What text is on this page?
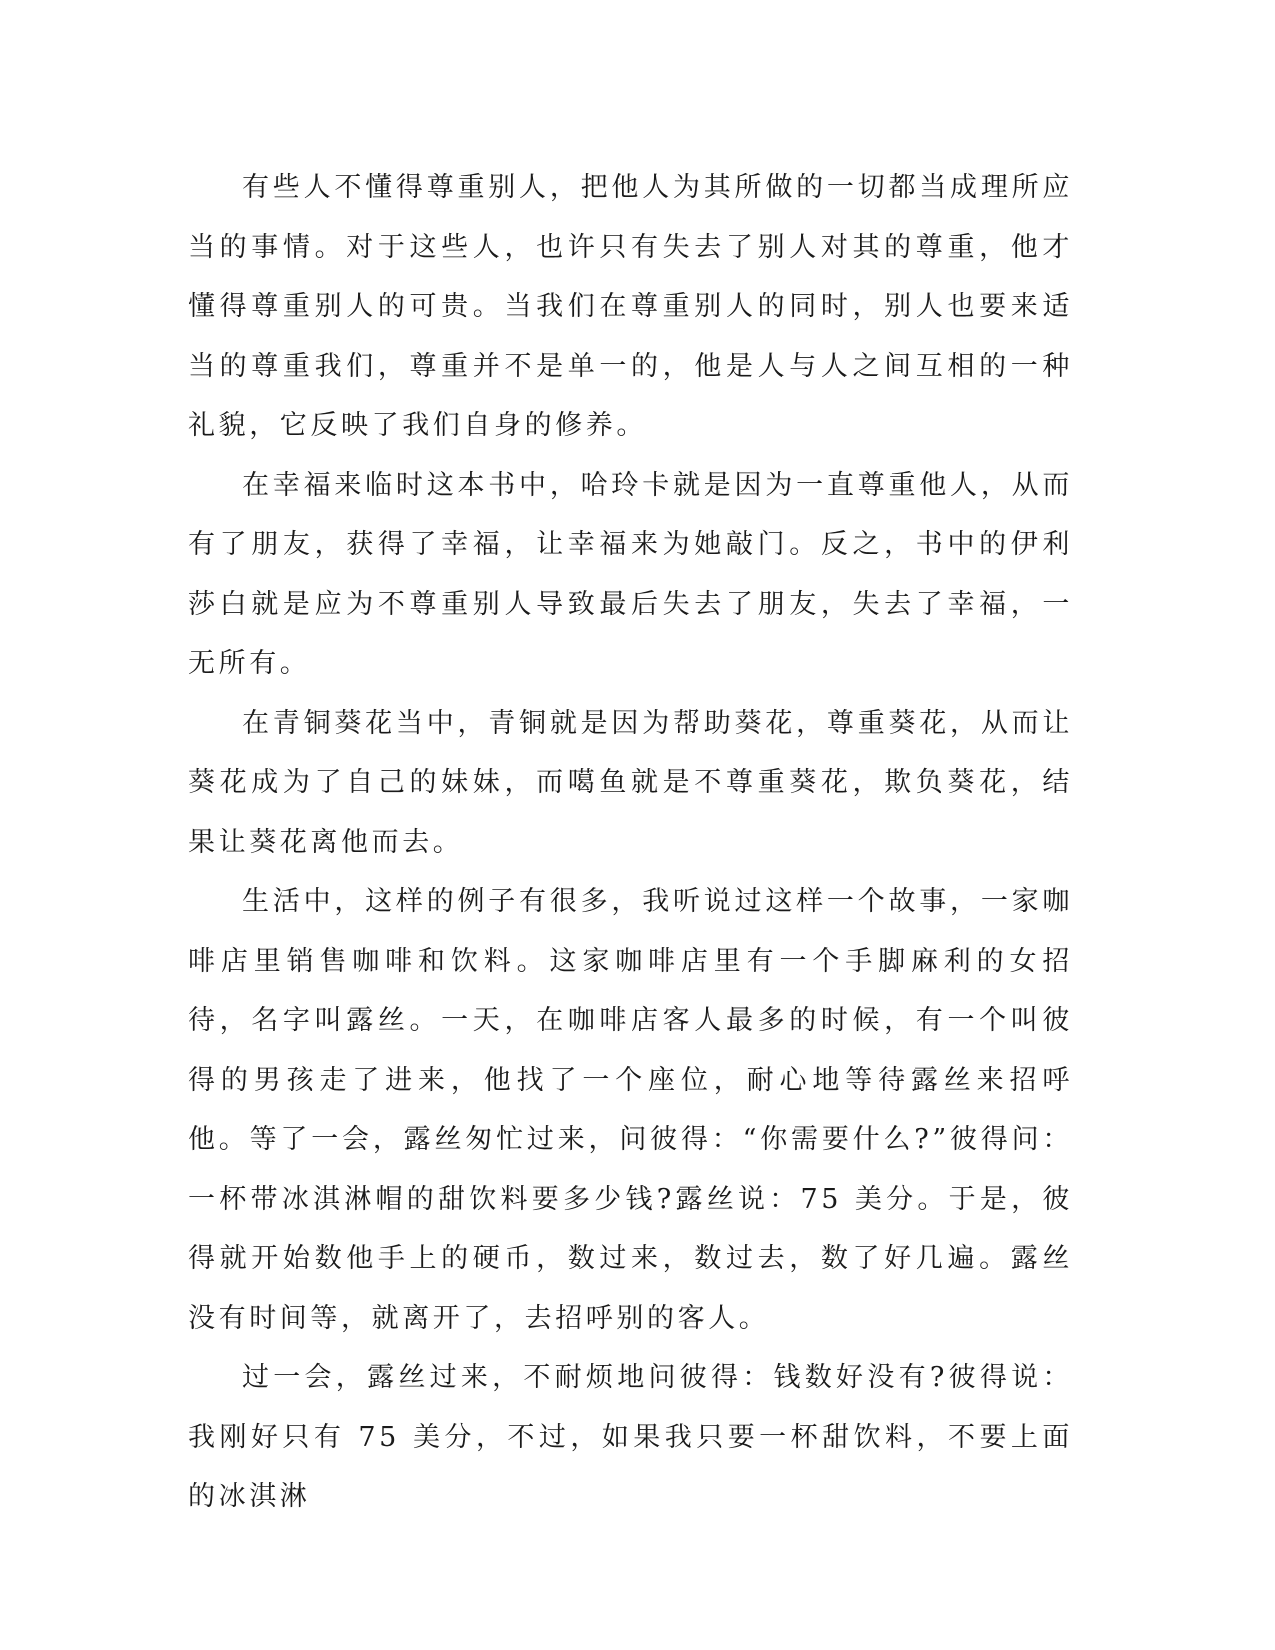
有些人不懂得尊重别人，把他人为其所做的一切都当成理所应当的事情。对于这些人，也许只有失去了别人对其的尊重，他才懂得尊重别人的可贵。当我们在尊重别人的同时，别人也要来适当的尊重我们，尊重并不是单一的，他是人与人之间互相的一种礼貌，它反映了我们自身的修养。

在幸福来临时这本书中，哈玲卡就是因为一直尊重他人，从而有了朋友，获得了幸福，让幸福来为她敲门。反之，书中的伊利莎白就是应为不尊重别人导致最后失去了朋友，失去了幸福，一无所有。

在青铜葵花当中，青铜就是因为帮助葵花，尊重葵花，从而让葵花成为了自己的妹妹，而噶鱼就是不尊重葵花，欺负葵花，结果让葵花离他而去。

生活中，这样的例子有很多，我听说过这样一个故事，一家咖啡店里销售咖啡和饮料。这家咖啡店里有一个手脚麻利的女招待，名字叫露丝。一天，在咖啡店客人最多的时候，有一个叫彼得的男孩走了进来，他找了一个座位，耐心地等待露丝来招呼他。等了一会，露丝匆忙过来，问彼得：“你需要什么?”彼得问：一杯带冰淇淋帽的甜饮料要多少钱?露丝说：75 美分。于是，彼得就开始数他手上的硬币，数过来，数过去，数了好几遍。露丝没有时间等，就离开了，去招呼别的客人。

过一会，露丝过来，不耐烦地问彼得：钱数好没有?彼得说：我刚好只有 75 美分，不过，如果我只要一杯甜饮料，不要上面的冰淇淋
